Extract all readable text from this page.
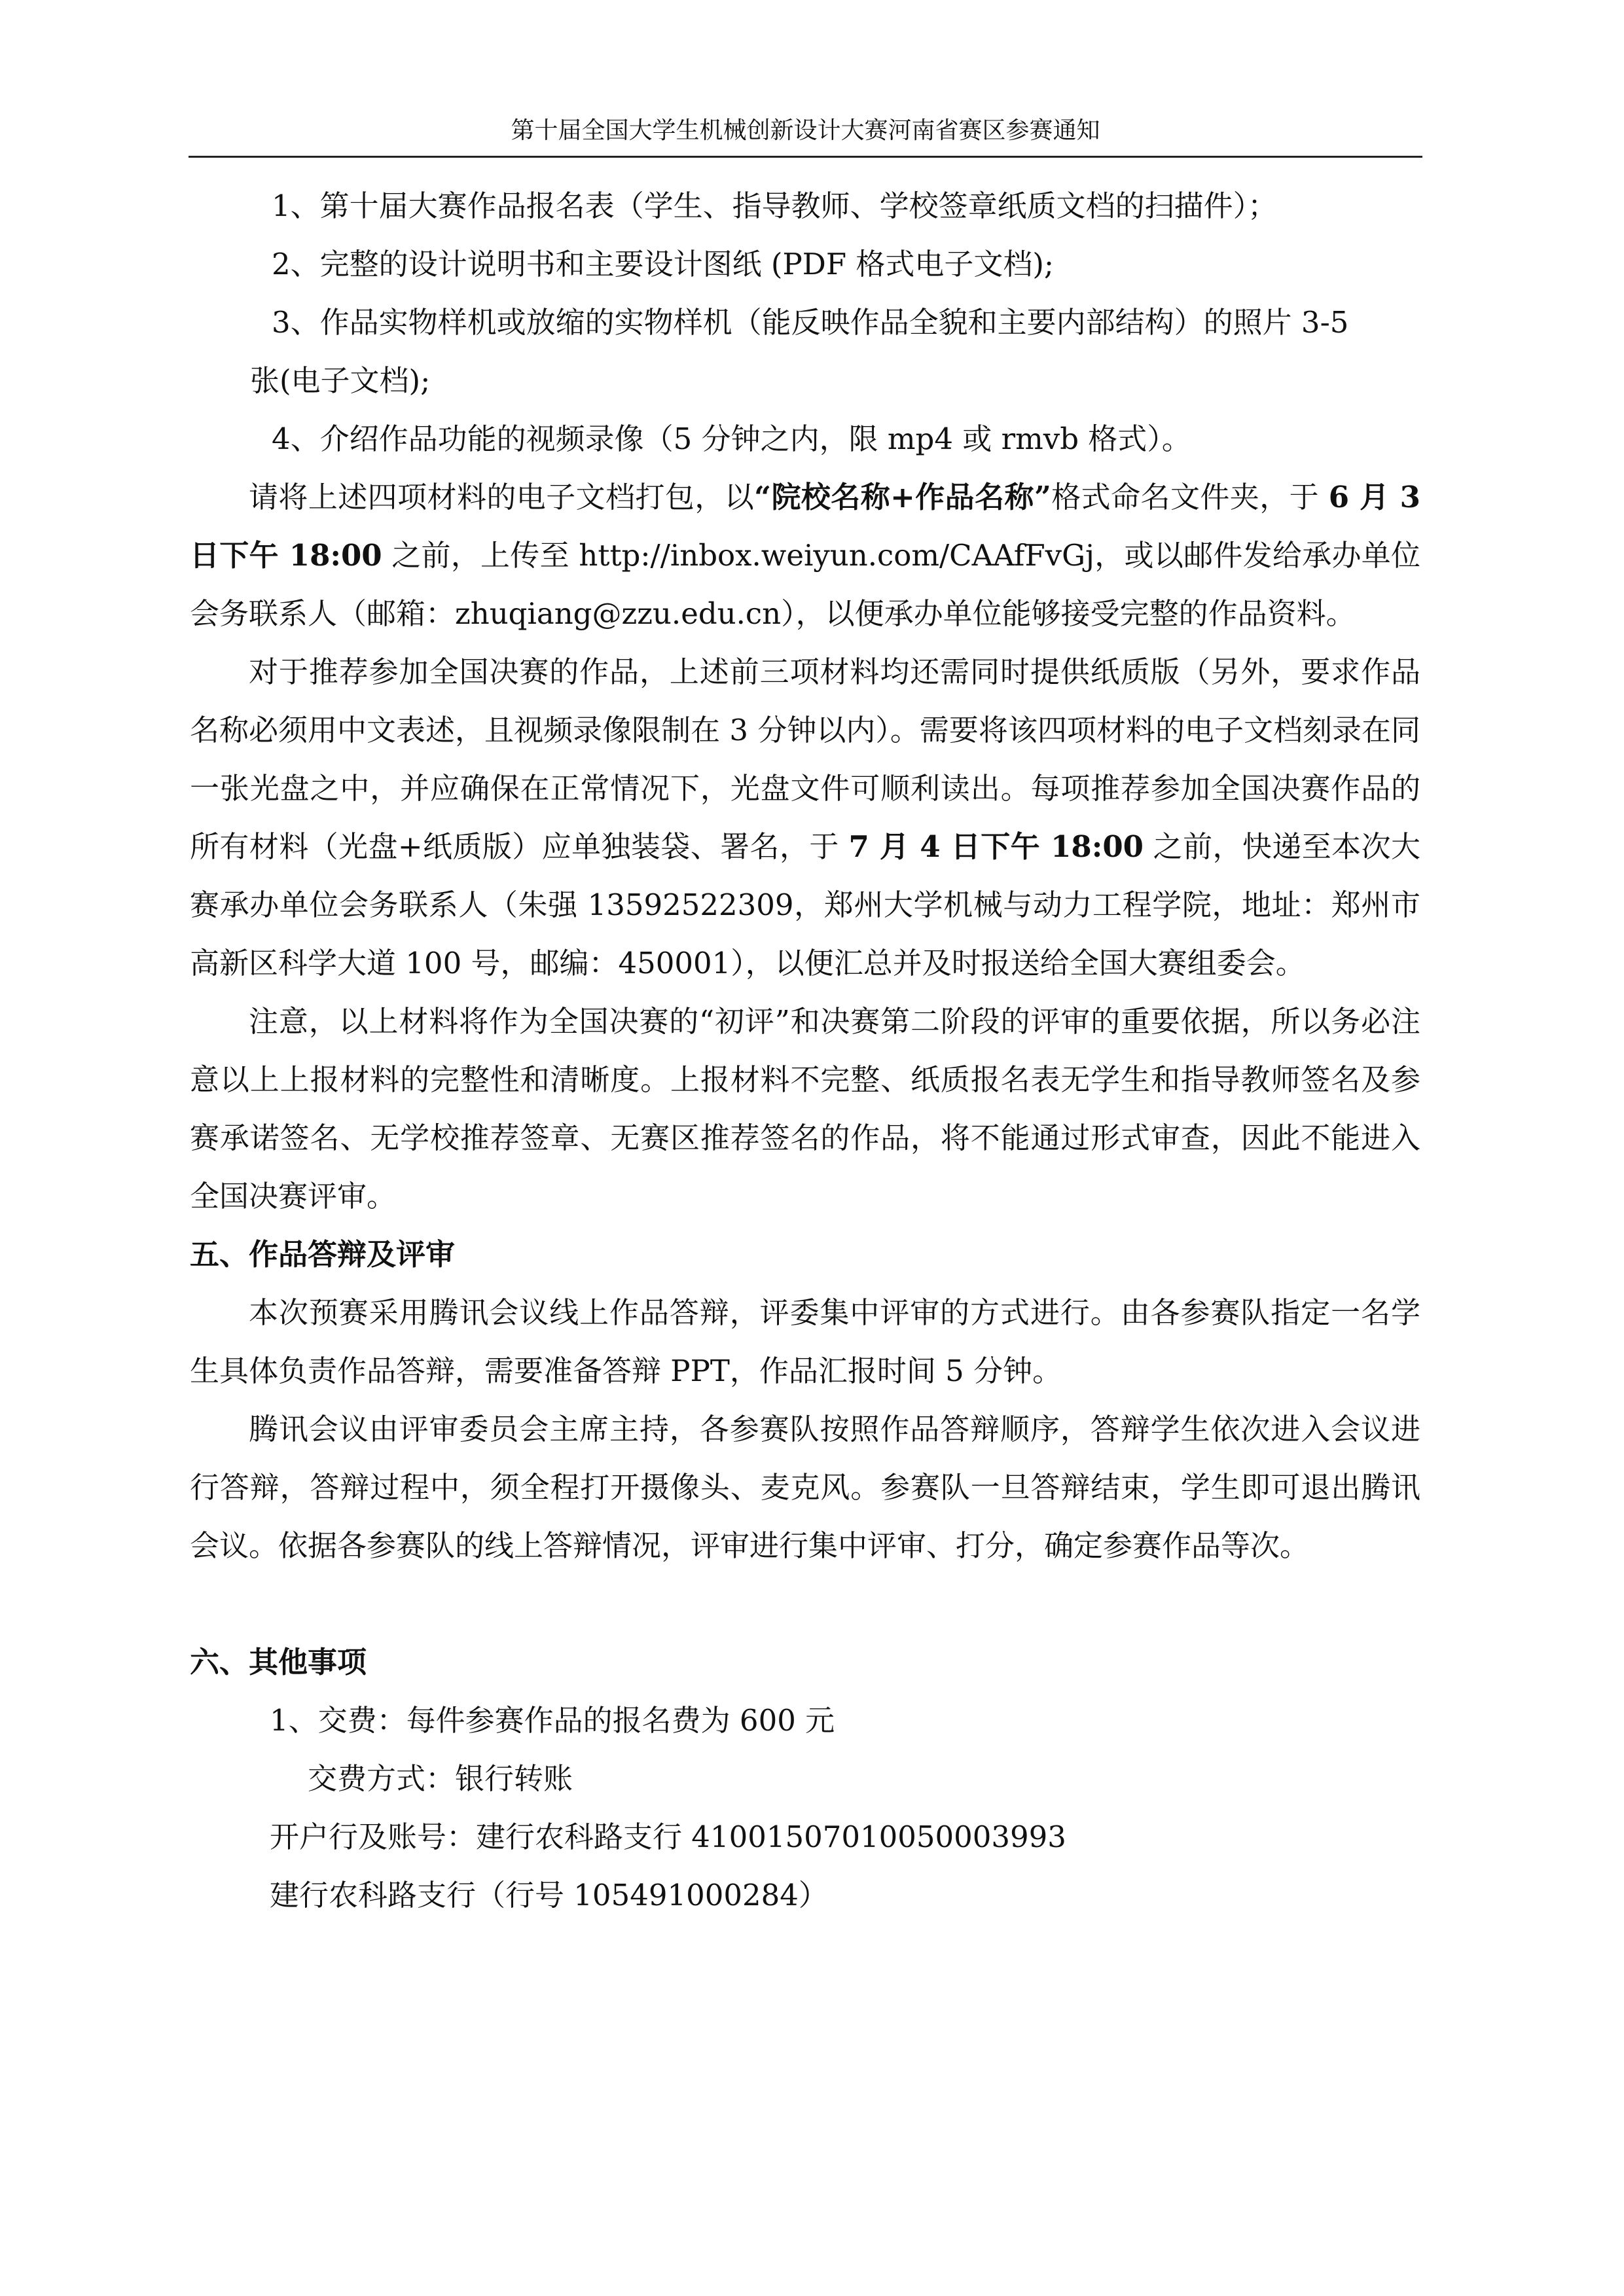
第十届全国大学生机械创新设计大赛河南省赛区参赛通知

1、第十届大赛作品报名表（学生、指导教师、学校签章纸质文档的扫描件）；

2、完整的设计说明书和主要设计图纸 (PDF 格式电子文档);

3、作品实物样机或放缩的实物样机（能反映作品全貌和主要内部结构）的照片 3-5

张(电子文档);

4、介绍作品功能的视频录像（5 分钟之内，限 mp4 或 rmvb 格式）。

请将上述四项材料的电子文档打包，以“院校名称+作品名称”格式命名文件夹，于 6 月 3 日下午 18:00 之前，上传至 http://inbox.weiyun.com/CAAfFvGj，或以邮件发给承办单位会务联系人（邮箱：zhuqiang@zzu.edu.cn），以便承办单位能够接受完整的作品资料。

对于推荐参加全国决赛的作品，上述前三项材料均还需同时提供纸质版（另外，要求作品名称必须用中文表述，且视频录像限制在 3 分钟以内）。需要将该四项材料的电子文档刻录在同一张光盘之中，并应确保在正常情况下，光盘文件可顺利读出。每项推荐参加全国决赛作品的所有材料（光盘+纸质版）应单独装袋、署名，于 7 月 4 日下午 18:00 之前，快递至本次大赛承办单位会务联系人（朱强 13592522309，郑州大学机械与动力工程学院，地址：郑州市高新区科学大道 100 号，邮编：450001），以便汇总并及时报送给全国大赛组委会。

注意，以上材料将作为全国决赛的“初评”和决赛第二阶段的评审的重要依据，所以务必注意以上上报材料的完整性和清晰度。上报材料不完整、纸质报名表无学生和指导教师签名及参赛承诺签名、无学校推荐签章、无赛区推荐签名的作品，将不能通过形式审查，因此不能进入全国决赛评审。

五、作品答辩及评审

本次预赛采用腾讯会议线上作品答辩，评委集中评审的方式进行。由各参赛队指定一名学生具体负责作品答辩，需要准备答辩 PPT，作品汇报时间 5 分钟。

腾讯会议由评审委员会主席主持，各参赛队按照作品答辩顺序，答辩学生依次进入会议进行答辩，答辩过程中，须全程打开摄像头、麦克风。参赛队一旦答辩结束，学生即可退出腾讯会议。依据各参赛队的线上答辩情况，评审进行集中评审、打分，确定参赛作品等次。

六、其他事项

1、交费：每件参赛作品的报名费为 600 元

交费方式：银行转账

开户行及账号：建行农科路支行 41001507010050003993

建行农科路支行（行号 105491000284）
